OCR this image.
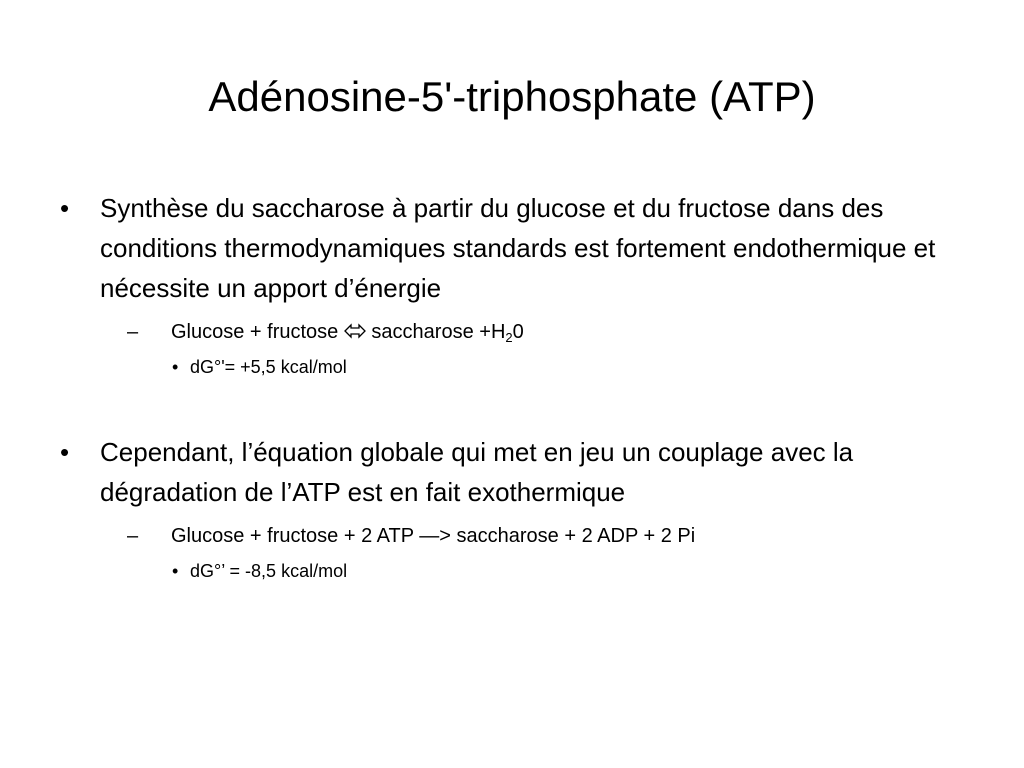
Adénosine-5'-triphosphate (ATP)
•	Synthèse du saccharose à partir du glucose et du fructose dans des conditions thermodynamiques standards est fortement endothermique et nécessite un apport d’énergie
– Glucose + fructose ⇌ saccharose $+H_20$
• dG°'= +5,5 kcal/mol
•	Cependant, l’équation globale qui met en jeu un couplage avec la dégradation de l’ATP est en fait exothermique
– Glucose + fructose + 2 ATP —> saccharose + 2 ADP + 2 Pi
• dG°’ = -8,5 kcal/mol
